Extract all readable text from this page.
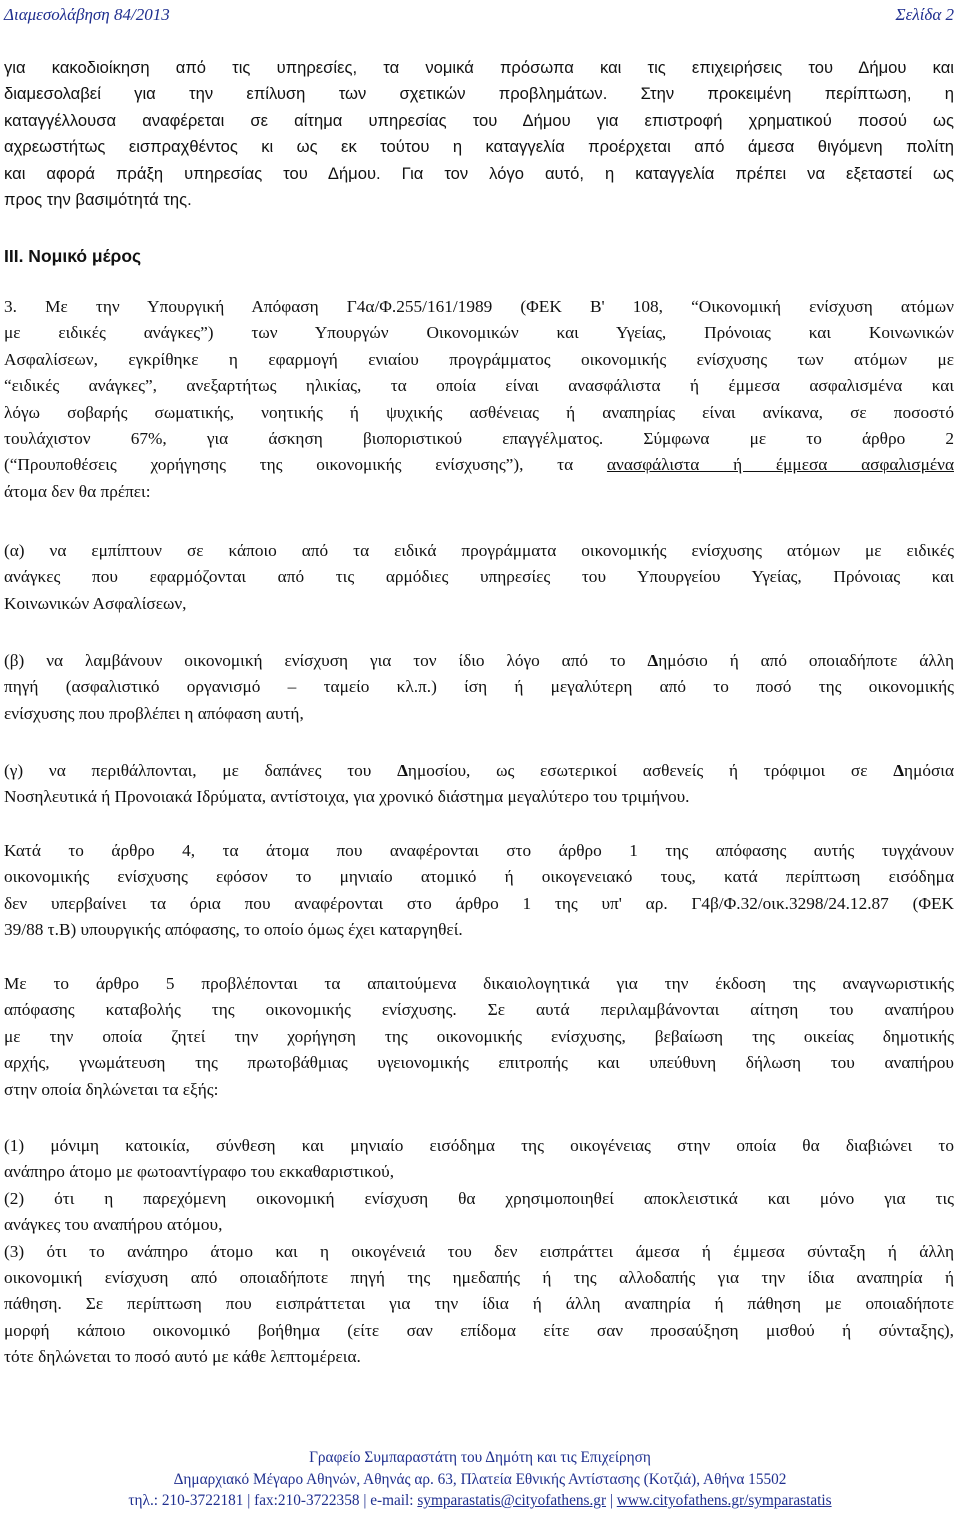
Διαμεσολάβηση 84/2013	Σελίδα 2
για κακοδιοίκηση από τις υπηρεσίες, τα νομικά πρόσωπα και τις επιχειρήσεις του Δήμου και
διαμεσολαβεί για την επίλυση των σχετικών προβλημάτων. Στην προκειμένη περίπτωση, η
καταγγέλλουσα αναφέρεται σε αίτημα υπηρεσίας του Δήμου για επιστροφή χρηματικού ποσού ως
αχρεωστήτως εισπραχθέντος κι ως εκ τούτου η καταγγελία προέρχεται από άμεσα θιγόμενη πολίτη
και αφορά πράξη υπηρεσίας του Δήμου. Για τον λόγο αυτό, η καταγγελία πρέπει να εξεταστεί ως
προς την βασιμότητά της.
ΙΙΙ. Νομικό μέρος
3. Με την Υπουργική Απόφαση Γ4α/Φ.255/161/1989 (ΦΕΚ Β' 108, “Οικονομική ενίσχυση ατόμων
με ειδικές ανάγκες”) των Υπουργών Οικονομικών και Υγείας, Πρόνοιας και Κοινωνικών
Ασφαλίσεων, εγκρίθηκε η εφαρμογή ενιαίου προγράμματος οικονομικής ενίσχυσης των ατόμων με
“ειδικές ανάγκες”, ανεξαρτήτως ηλικίας, τα οποία είναι ανασφάλιστα ή έμμεσα ασφαλισμένα και
λόγω σοβαρής σωματικής, νοητικής ή ψυχικής ασθένειας ή αναπηρίας είναι ανίκανα, σε ποσοστό
τουλάχιστον 67%, για άσκηση βιοποριστικού επαγγέλματος. Σύμφωνα με το άρθρο 2
(“Προυποθέσεις χορήγησης της οικονομικής ενίσχυσης”), τα ανασφάλιστα ή έμμεσα ασφαλισμένα
άτομα δεν θα πρέπει:
(α) να εμπίπτουν σε κάποιο από τα ειδικά προγράμματα οικονομικής ενίσχυσης ατόμων με ειδικές
ανάγκες που εφαρμόζονται από τις αρμόδιες υπηρεσίες του Υπουργείου Υγείας, Πρόνοιας και
Κοινωνικών Ασφαλίσεων,
(β) να λαμβάνουν οικονομική ενίσχυση για τον ίδιο λόγο από το Δημόσιο ή από οποιαδήποτε άλλη
πηγή (ασφαλιστικό οργανισμό – ταμείο κλ.π.) ίση ή μεγαλύτερη από το ποσό της οικονομικής
ενίσχυσης που προβλέπει η απόφαση αυτή,
(γ) να περιθάλπονται, με δαπάνες του Δημοσίου, ως εσωτερικοί ασθενείς ή τρόφιμοι σε Δημόσια
Νοσηλευτικά ή Προνοιακά Ιδρύματα, αντίστοιχα, για χρονικό διάστημα μεγαλύτερο του τριμήνου.
Κατά το άρθρο 4, τα άτομα που αναφέρονται στο άρθρο 1 της απόφασης αυτής τυγχάνουν
οικονομικής ενίσχυσης εφόσον το μηνιαίο ατομικό ή οικογενειακό τους, κατά περίπτωση εισόδημα
δεν υπερβαίνει τα όρια που αναφέρονται στο άρθρο 1 της υπ' αρ. Γ4β/Φ.32/οικ.3298/24.12.87 (ΦΕΚ
39/88 τ.Β) υπουργικής απόφασης, το οποίο όμως έχει καταργηθεί.
Με το άρθρο 5 προβλέπονται τα απαιτούμενα δικαιολογητικά για την έκδοση της αναγνωριστικής
απόφασης καταβολής της οικονομικής ενίσχυσης. Σε αυτά περιλαμβάνονται αίτηση του αναπήρου
με την οποία ζητεί την χορήγηση της οικονομικής ενίσχυσης, βεβαίωση της οικείας δημοτικής
αρχής, γνωμάτευση της πρωτοβάθμιας υγειονομικής επιτροπής και υπεύθυνη δήλωση του αναπήρου
στην οποία δηλώνεται τα εξής:
(1) μόνιμη κατοικία, σύνθεση και μηνιαίο εισόδημα της οικογένειας στην οποία θα διαβιώνει το
ανάπηρο άτομο με φωτοαντίγραφο του εκκαθαριστικού,
(2) ότι η παρεχόμενη οικονομική ενίσχυση θα χρησιμοποιηθεί αποκλειστικά και μόνο για τις
ανάγκες του αναπήρου ατόμου,
(3) ότι το ανάπηρο άτομο και η οικογένειά του δεν εισπράττει άμεσα ή έμμεσα σύνταξη ή άλλη
οικονομική ενίσχυση από οποιαδήποτε πηγή της ημεδαπής ή της αλλοδαπής για την ίδια αναπηρία ή
πάθηση. Σε περίπτωση που εισπράττεται για την ίδια ή άλλη αναπηρία ή πάθηση με οποιαδήποτε
μορφή κάποιο οικονομικό βοήθημα (είτε σαν επίδομα είτε σαν προσαύξηση μισθού ή σύνταξης),
τότε δηλώνεται το ποσό αυτό με κάθε λεπτομέρεια.
Γραφείο Συμπαραστάτη του Δημότη και τις Επιχείρηση
Δημαρχιακό Μέγαρο Αθηνών, Αθηνάς αρ. 63, Πλατεία Εθνικής Αντίστασης (Κοτζιά), Αθήνα 15502
τηλ.: 210-3722181 | fax:210-3722358 | e-mail: symparastatis@cityofathens.gr | www.cityofathens.gr/symparastatis
